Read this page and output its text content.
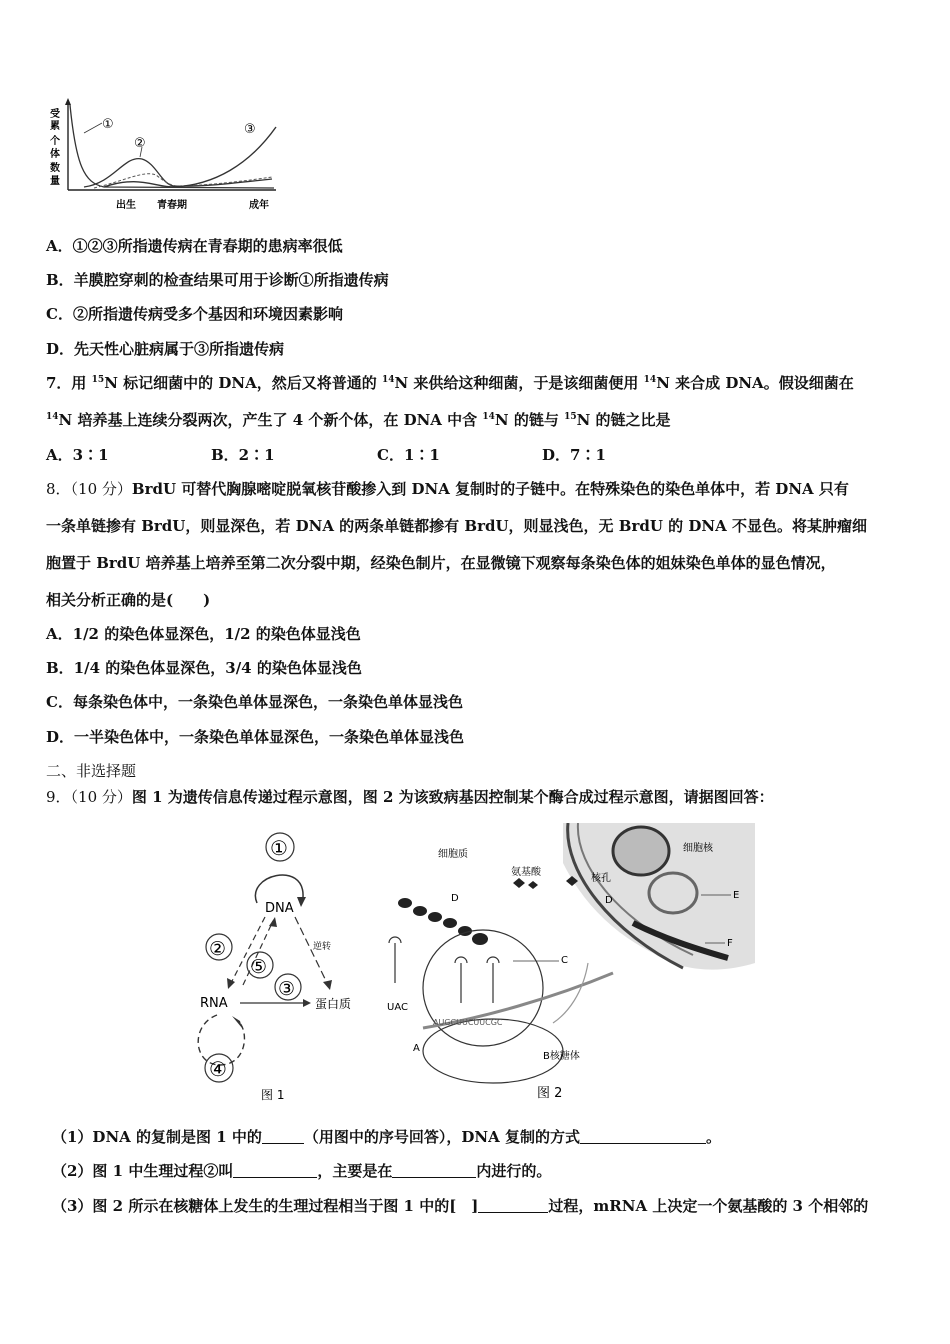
受
累
个
体
数
量
①
②
③
出生 青春期	成年
A．①②③所指遗传病在青春期的患病率很低
B．羊膜腔穿刺的检查结果可用于诊断①所指遗传病
C．②所指遗传病受多个基因和环境因素影响
D．先天性心脏病属于③所指遗传病
7．用 $^{15}$N 标记细菌中的 DNA，然后又将普通的 $^{14}$N 来供给这种细菌，于是该细菌便用 $^{14}$N 来合成 DNA。假设细菌在
$^{14}$N 培养基上连续分裂两次，产生了 4 个新个体，在 DNA 中含 $^{14}$N 的链与 $^{15}$N 的链之比是
A．3∶1	B．2∶1	C．1∶1	D．7∶1
8．（10 分）BrdU 可替代胸腺嘧啶脱氧核苷酸掺入到 DNA 复制时的子链中。在特殊染色的染色单体中，若 DNA 只有
一条单链掺有 BrdU，则显深色，若 DNA 的两条单链都掺有 BrdU，则显浅色，无 BrdU 的 DNA 不显色。将某肿瘤细
胞置于 BrdU 培养基上培养至第二次分裂中期，经染色制片，在显微镜下观察每条染色体的姐妹染色单体的显色情况，
相关分析正确的是(　　)
A．1/2 的染色体显深色，1/2 的染色体显浅色
B．1/4 的染色体显深色，3/4 的染色体显浅色
C．每条染色体中，一条染色单体显深色，一条染色单体显浅色
D．一半染色体中，一条染色单体显深色，一条染色单体显浅色
二、非选择题
9．（10 分）图 1 为遗传信息传递过程示意图，图 2 为该致病基因控制某个酶合成过程示意图，请据图回答：
①
DNA
逆转
②
⑤
③
RNA	蛋白质
④
图 1
细胞核
核孔
D	E
F
细胞质
氨基酸
D
B核糖体
UAC
C
AUGCUUCUUCGC
A
图 2
（1）DNA 的复制是图 1 中的	（用图中的序号回答），DNA 复制的方式	。
（2）图 1 中生理过程②叫	，主要是在	内进行的。
（3）图 2 所示在核糖体上发生的生理过程相当于图 1 中的[　]	过程，mRNA 上决定一个氨基酸的 3 个相邻的
